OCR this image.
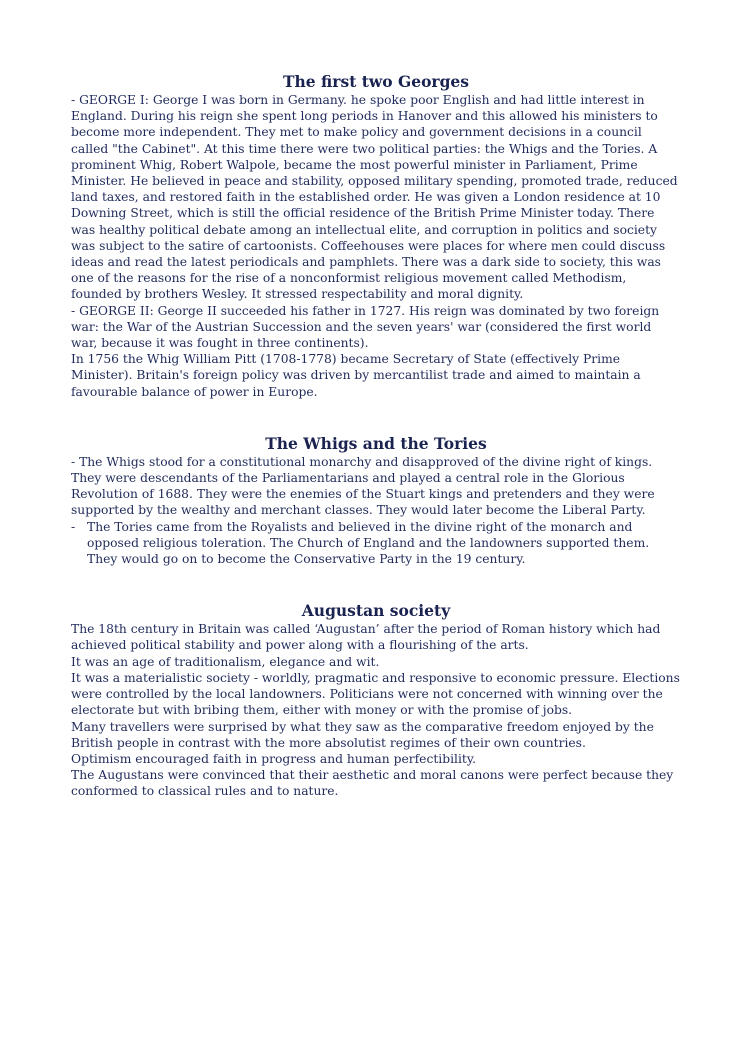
The first two Georges

- GEORGE I: George I was born in Germany. he spoke poor English and had little interest in England. During his reign she spent long periods in Hanover and this allowed his ministers to become more independent. They met to make policy and government decisions in a council called "the Cabinet". At this time there were two political parties: the Whigs and the Tories. A prominent Whig, Robert Walpole, became the most powerful minister in Parliament, Prime Minister. He believed in peace and stability, opposed military spending, promoted trade, reduced land taxes, and restored faith in the established order. He was given a London residence at 10 Downing Street, which is still the official residence of the British Prime Minister today. There was healthy political debate among an intellectual elite, and corruption in politics and society was subject to the satire of cartoonists. Coffeehouses were places for where men could discuss ideas and read the latest periodicals and pamphlets. There was a dark side to society, this was one of the reasons for the rise of a nonconformist religious movement called Methodism, founded by brothers Wesley. It stressed respectability and moral dignity.

- GEORGE II: George II succeeded his father in 1727. His reign was dominated by two foreign war: the War of the Austrian Succession and the seven years' war (considered the first world war, because it was fought in three continents).

In 1756 the Whig William Pitt (1708-1778) became Secretary of State (effectively Prime Minister). Britain's foreign policy was driven by mercantilist trade and aimed to maintain a favourable balance of power in Europe.

The Whigs and the Tories

- The Whigs stood for a constitutional monarchy and disapproved of the divine right of kings. They were descendants of the Parliamentarians and played a central role in the Glorious Revolution of 1688. They were the enemies of the Stuart kings and pretenders and they were supported by the wealthy and merchant classes. They would later become the Liberal Party.

- The Tories came from the Royalists and believed in the divine right of the monarch and opposed religious toleration. The Church of England and the landowners supported them. They would go on to become the Conservative Party in the 19 century.
Augustan society

The 18th century in Britain was called ‘Augustan’ after the period of Roman history which had achieved political stability and power along with a flourishing of the arts.

It was an age of traditionalism, elegance and wit.

It was a materialistic society - worldly, pragmatic and responsive to economic pressure. Elections were controlled by the local landowners. Politicians were not concerned with winning over the electorate but with bribing them, either with money or with the promise of jobs.

Many travellers were surprised by what they saw as the comparative freedom enjoyed by the British people in contrast with the more absolutist regimes of their own countries.

Optimism encouraged faith in progress and human perfectibility.

The Augustans were convinced that their aesthetic and moral canons were perfect because they conformed to classical rules and to nature.
